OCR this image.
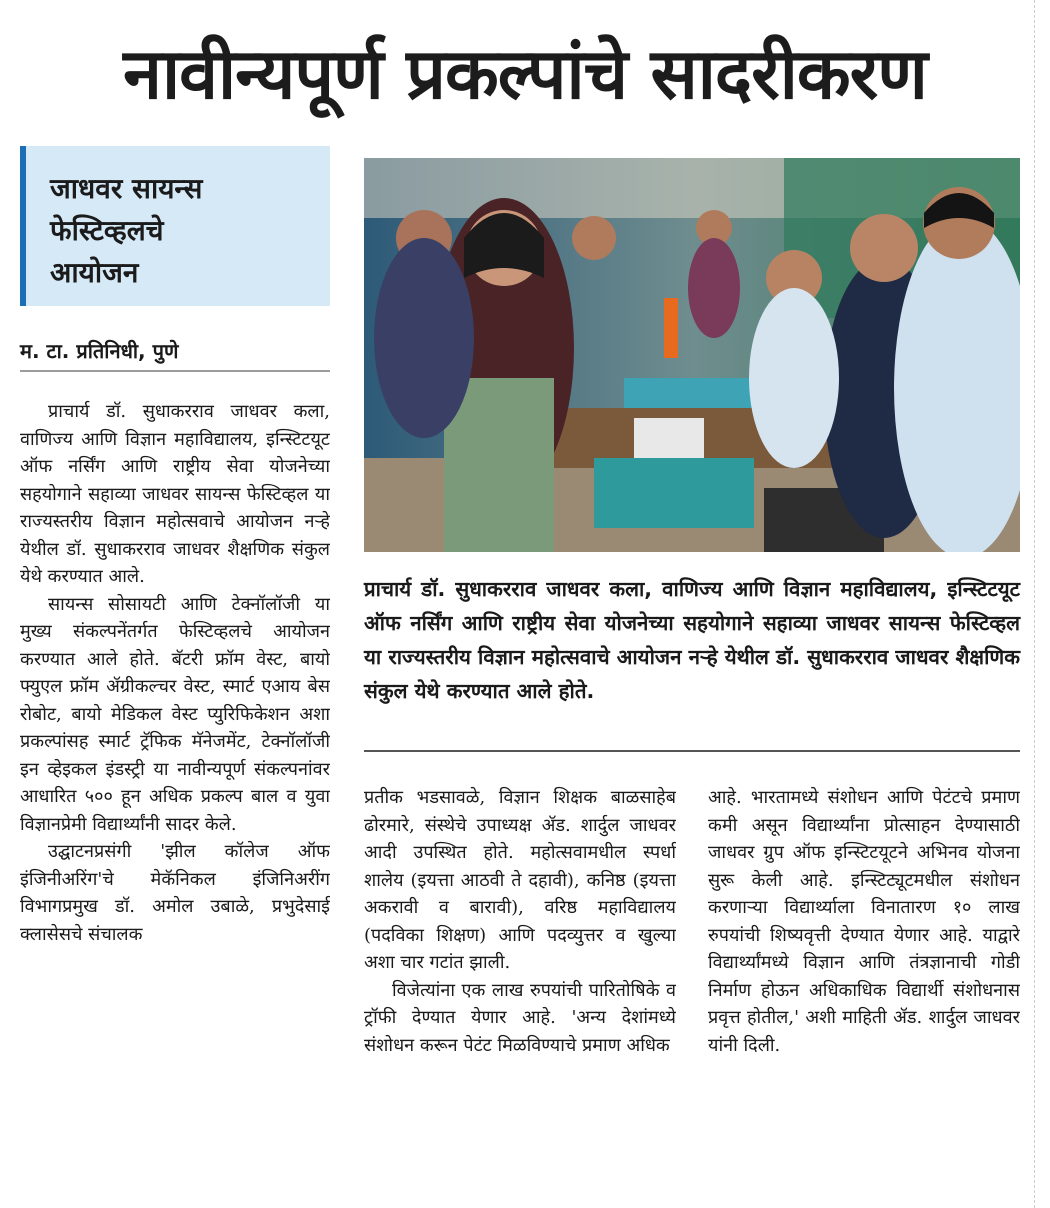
नावीन्यपूर्ण प्रकल्पांचे सादरीकरण
जाधवर सायन्स
फेस्टिव्हलचे
आयोजन
म. टा. प्रतिनिधी, पुणे

प्राचार्य डॉ. सुधाकरराव जाधवर कला, वाणिज्य आणि विज्ञान महाविद्यालय, इन्स्टिटयूट ऑफ नर्सिंग आणि राष्ट्रीय सेवा योजनेच्या सहयोगाने सहाव्या जाधवर सायन्स फेस्टिव्हल या राज्यस्तरीय विज्ञान महोत्सवाचे आयोजन नऱ्हे येथील डॉ. सुधाकरराव जाधवर शैक्षणिक संकुल येथे करण्यात आले.

सायन्स सोसायटी आणि टेक्नॉलॉजी या मुख्य संकल्पनेंतर्गत फेस्टिव्हलचे आयोजन करण्यात आले होते. बॅटरी फ्रॉम वेस्ट, बायो फ्युएल फ्रॉम ॲग्रीकल्चर वेस्ट, स्मार्ट एआय बेस रोबोट, बायो मेडिकल वेस्ट प्युरिफिकेशन अशा प्रकल्पांसह स्मार्ट ट्रॅफिक मॅनेजमेंट, टेक्नॉलॉजी इन व्हेइकल इंडस्ट्री या नावीन्यपूर्ण संकल्पनांवर आधारित ५०० हून अधिक प्रकल्प बाल व युवा विज्ञानप्रेमी विद्यार्थ्यांनी सादर केले.

उद्घाटनप्रसंगी 'झील कॉलेज ऑफ इंजिनीअरिंग'चे मेकॅनिकल इंजिनिअरींग विभागप्रमुख डॉ. अमोल उबाळे, प्रभुदेसाई क्लासेसचे संचालक

प्राचार्य डॉ. सुधाकरराव जाधवर कला, वाणिज्य आणि विज्ञान महाविद्यालय, इन्स्टिटयूट ऑफ नर्सिंग आणि राष्ट्रीय सेवा योजनेच्या सहयोगाने सहाव्या जाधवर सायन्स फेस्टिव्हल या राज्यस्तरीय विज्ञान महोत्सवाचे आयोजन नऱ्हे येथील डॉ. सुधाकरराव जाधवर शैक्षणिक संकुल येथे करण्यात आले होते.

प्रतीक भडसावळे, विज्ञान शिक्षक बाळसाहेब ढोरमारे, संस्थेचे उपाध्यक्ष ॲड. शार्दुल जाधवर आदी उपस्थित होते. महोत्सवामधील स्पर्धा शालेय (इयत्ता आठवी ते दहावी), कनिष्ठ (इयत्ता अकरावी व बारावी), वरिष्ठ महाविद्यालय (पदविका शिक्षण) आणि पदव्युत्तर व खुल्या अशा चार गटांत झाली.

विजेत्यांना एक लाख रुपयांची पारितोषिके व ट्रॉफी देण्यात येणार आहे. 'अन्य देशांमध्ये संशोधन करून पेटंट मिळविण्याचे प्रमाण अधिक

आहे. भारतामध्ये संशोधन आणि पेटंटचे प्रमाण कमी असून विद्यार्थ्यांना प्रोत्साहन देण्यासाठी जाधवर ग्रुप ऑफ इन्स्टिटयूटने अभिनव योजना सुरू केली आहे. इन्स्टिट्यूटमधील संशोधन करणाऱ्या विद्यार्थ्याला विनातारण १० लाख रुपयांची शिष्यवृत्ती देण्यात येणार आहे. याद्वारे विद्यार्थ्यांमध्ये विज्ञान आणि तंत्रज्ञानाची गोडी निर्माण होऊन अधिकाधिक विद्यार्थी संशोधनास प्रवृत्त होतील,' अशी माहिती ॲड. शार्दुल जाधवर यांनी दिली.
